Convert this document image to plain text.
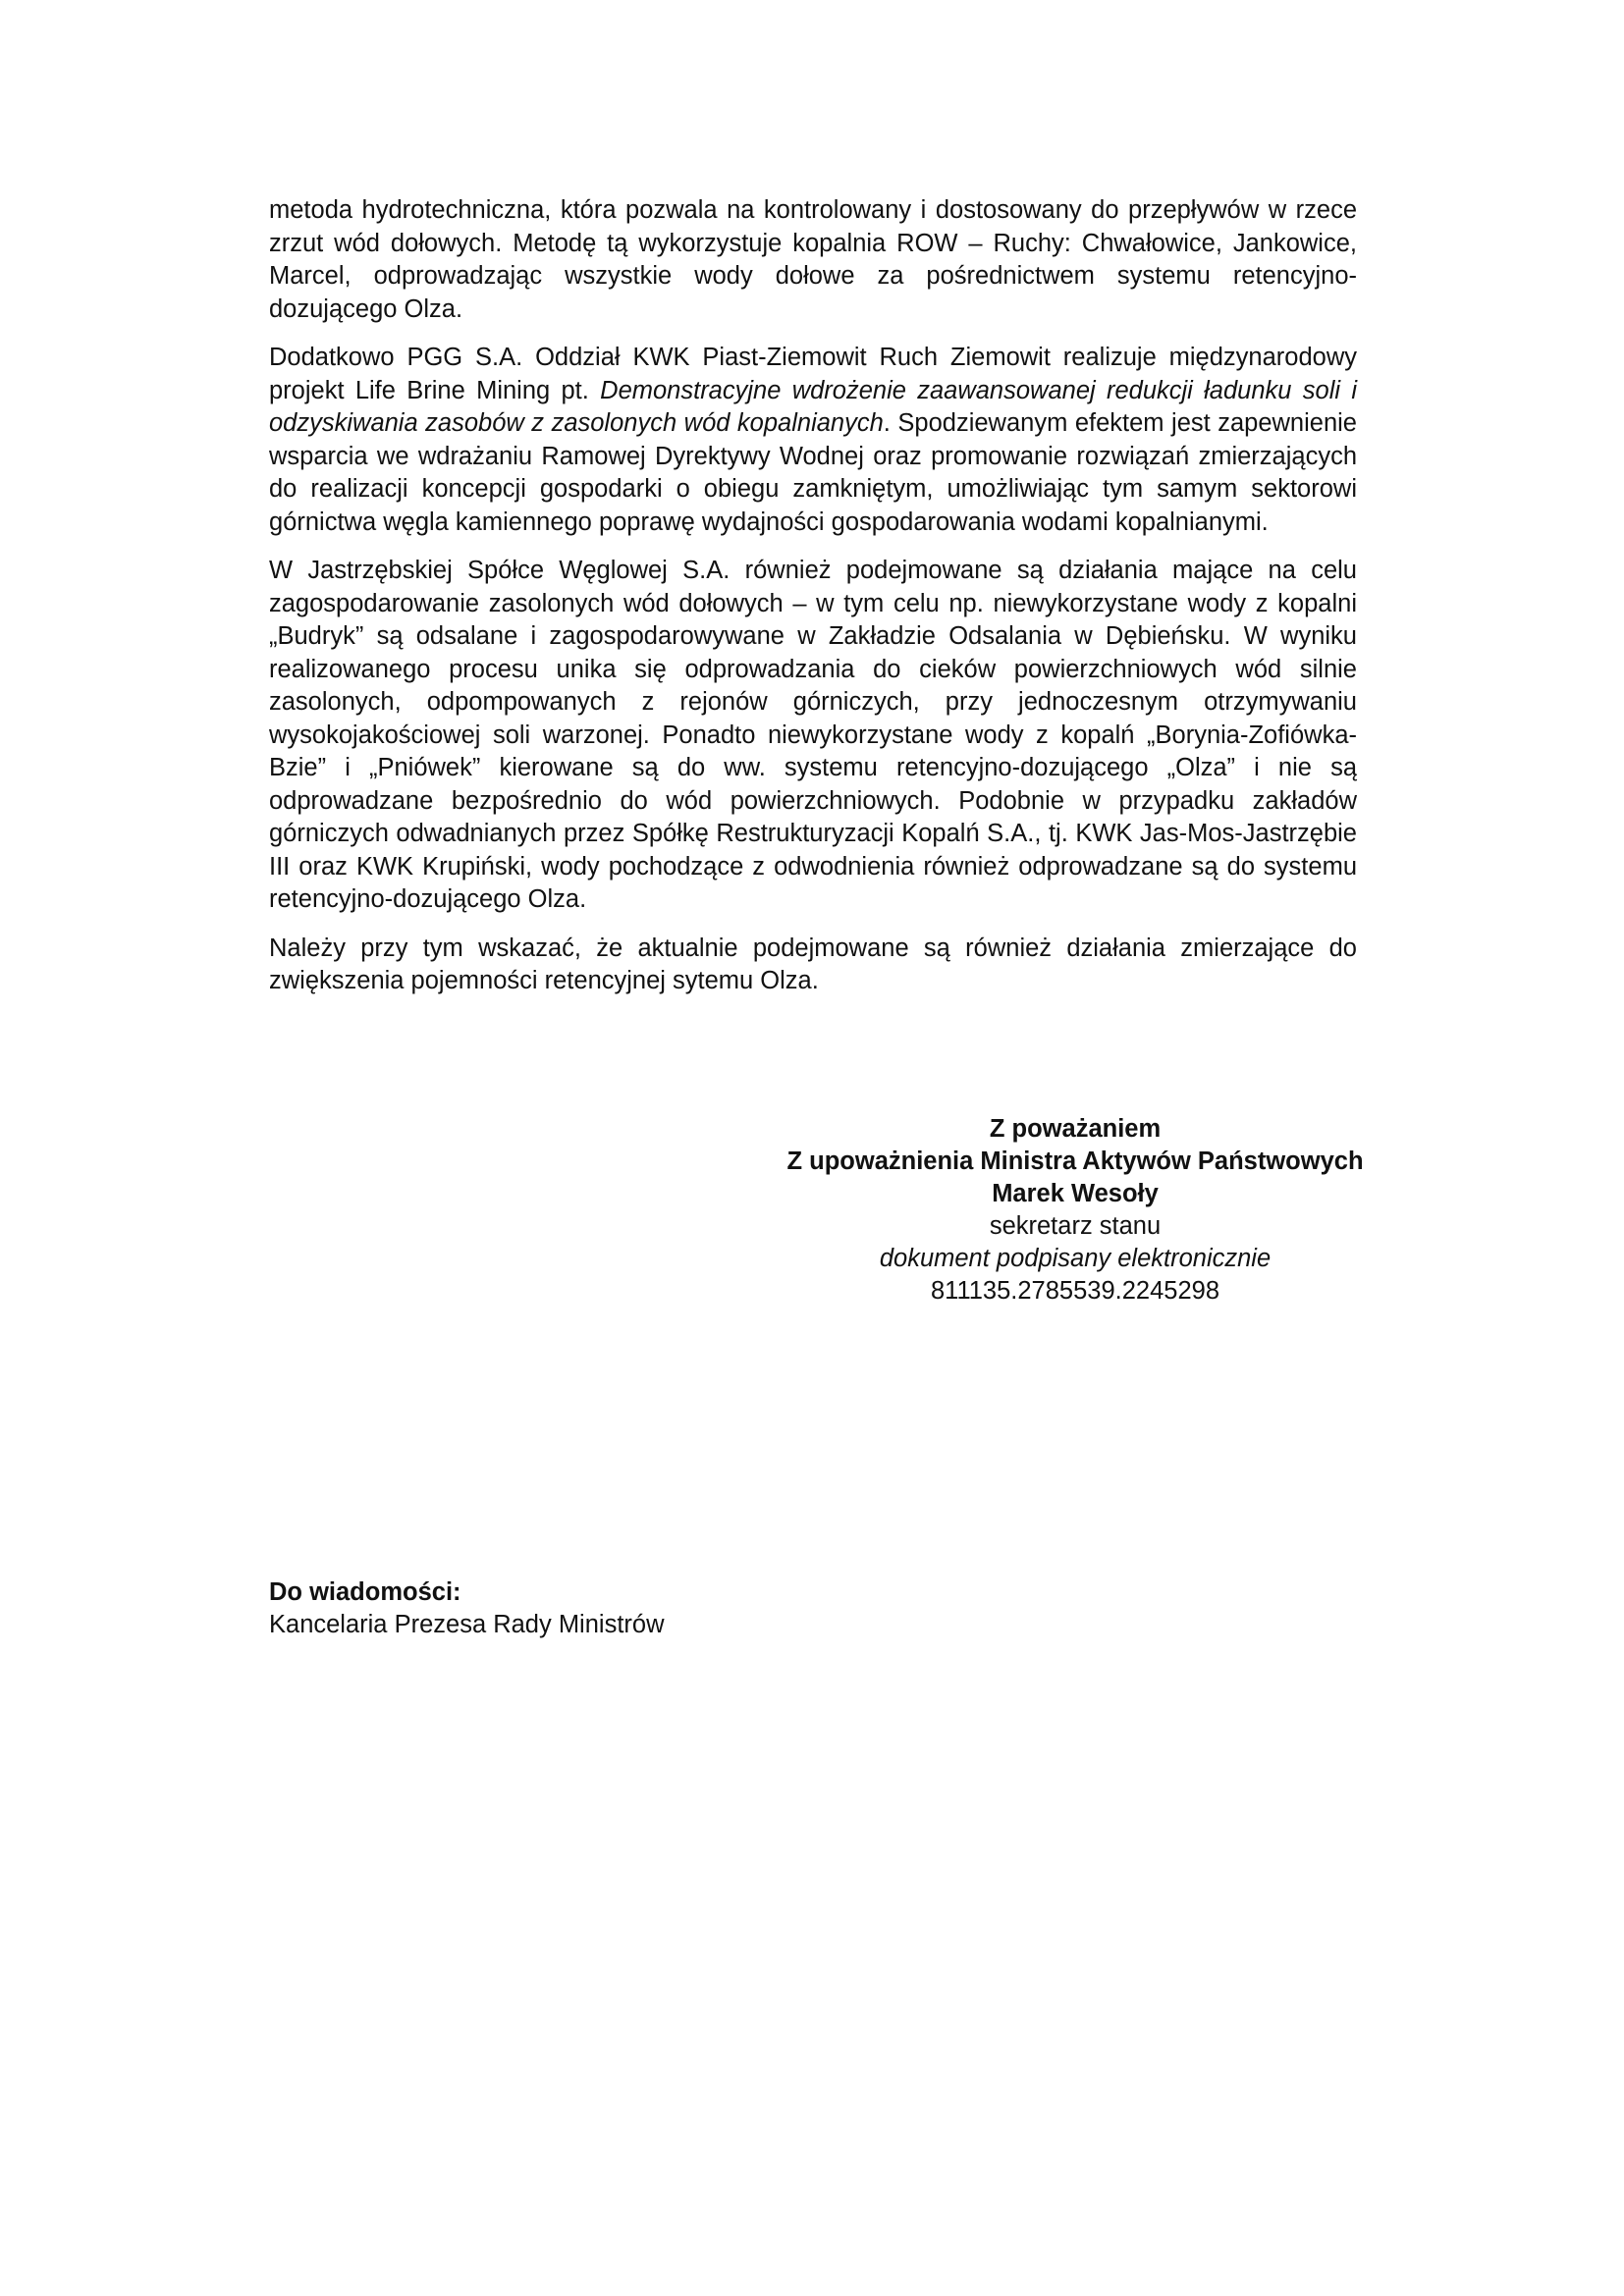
metoda hydrotechniczna, która pozwala na kontrolowany i dostosowany do przepływów w rzece zrzut wód dołowych. Metodę tą wykorzystuje kopalnia ROW – Ruchy: Chwałowice, Jankowice, Marcel, odprowadzając wszystkie wody dołowe za pośrednictwem systemu retencyjno-dozującego Olza.

Dodatkowo PGG S.A. Oddział KWK Piast-Ziemowit Ruch Ziemowit realizuje międzynarodowy projekt Life Brine Mining pt. Demonstracyjne wdrożenie zaawansowanej redukcji ładunku soli i odzyskiwania zasobów z zasolonych wód kopalnianych. Spodziewanym efektem jest zapewnienie wsparcia we wdrażaniu Ramowej Dyrektywy Wodnej oraz promowanie rozwiązań zmierzających do realizacji koncepcji gospodarki o obiegu zamkniętym, umożliwiając tym samym sektorowi górnictwa węgla kamiennego poprawę wydajności gospodarowania wodami kopalnianymi.

W Jastrzębskiej Spółce Węglowej S.A. również podejmowane są działania mające na celu zagospodarowanie zasolonych wód dołowych – w tym celu np. niewykorzystane wody z kopalni „Budryk” są odsalane i zagospodarowywane w Zakładzie Odsalania w Dębieńsku. W wyniku realizowanego procesu unika się odprowadzania do cieków powierzchniowych wód silnie zasolonych, odpompowanych z rejonów górniczych, przy jednoczesnym otrzymywaniu wysokojakościowej soli warzonej. Ponadto niewykorzystane wody z kopalń „Borynia-Zofiówka-Bzie” i „Pniówek” kierowane są do ww. systemu retencyjno-dozującego „Olza” i nie są odprowadzane bezpośrednio do wód powierzchniowych. Podobnie w przypadku zakładów górniczych odwadnianych przez Spółkę Restrukturyzacji Kopalń S.A., tj. KWK Jas-Mos-Jastrzębie III oraz KWK Krupiński, wody pochodzące z odwodnienia również odprowadzane są do systemu retencyjno-dozującego Olza.

Należy przy tym wskazać, że aktualnie podejmowane są również działania zmierzające do zwiększenia pojemności retencyjnej sytemu Olza.

Z poważaniem
Z upoważnienia Ministra Aktywów Państwowych
Marek Wesoły
sekretarz stanu
dokument podpisany elektronicznie
811135.2785539.2245298
Do wiadomości:
Kancelaria Prezesa Rady Ministrów
